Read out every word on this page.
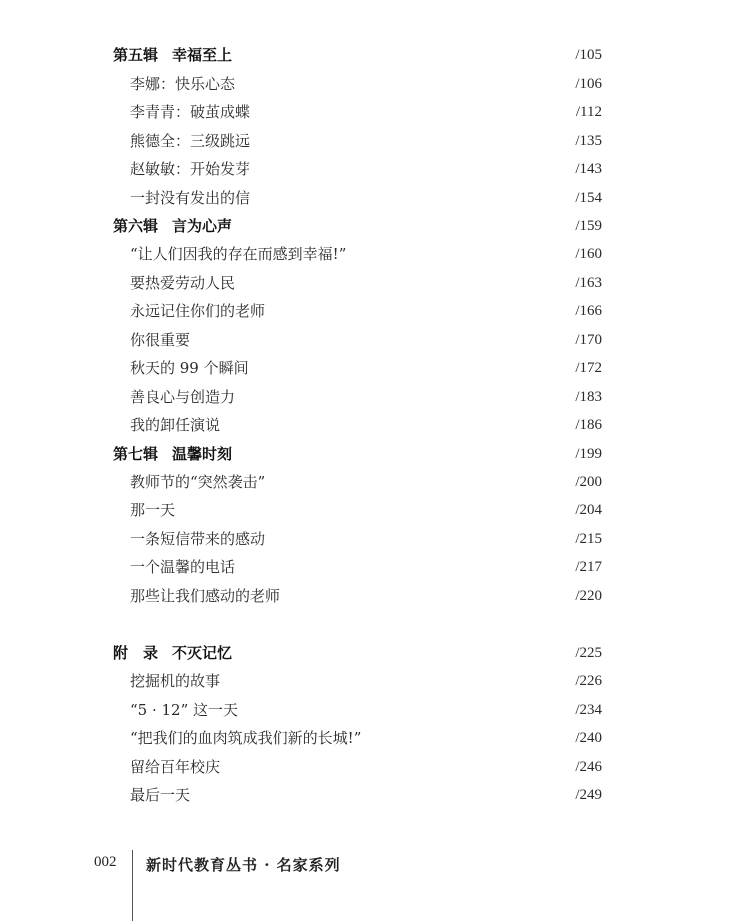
第五辑 幸福至上	/105
李娜：快乐心态	/106
李青青：破茧成蝶	/112
熊德全：三级跳远	/135
赵敏敏：开始发芽	/143
一封没有发出的信	/154
第六辑 言为心声	/159
“让人们因我的存在而感到幸福!”	/160
要热爱劳动人民	/163
永远记住你们的老师	/166
你很重要	/170
秋天的 99 个瞬间	/172
善良心与创造力	/183
我的卸任演说	/186
第七辑 温馨时刻	/199
教师节的“突然袭击”	/200
那一天	/204
一条短信带来的感动	/215
一个温馨的电话	/217
那些让我们感动的老师	/220
附　录 不灭记忆	/225
挖掘机的故事	/226
“5 · 12” 这一天	/234
“把我们的血肉筑成我们新的长城!”	/240
留给百年校庆	/246
最后一天	/249
002 新时代教育丛书 · 名家系列
